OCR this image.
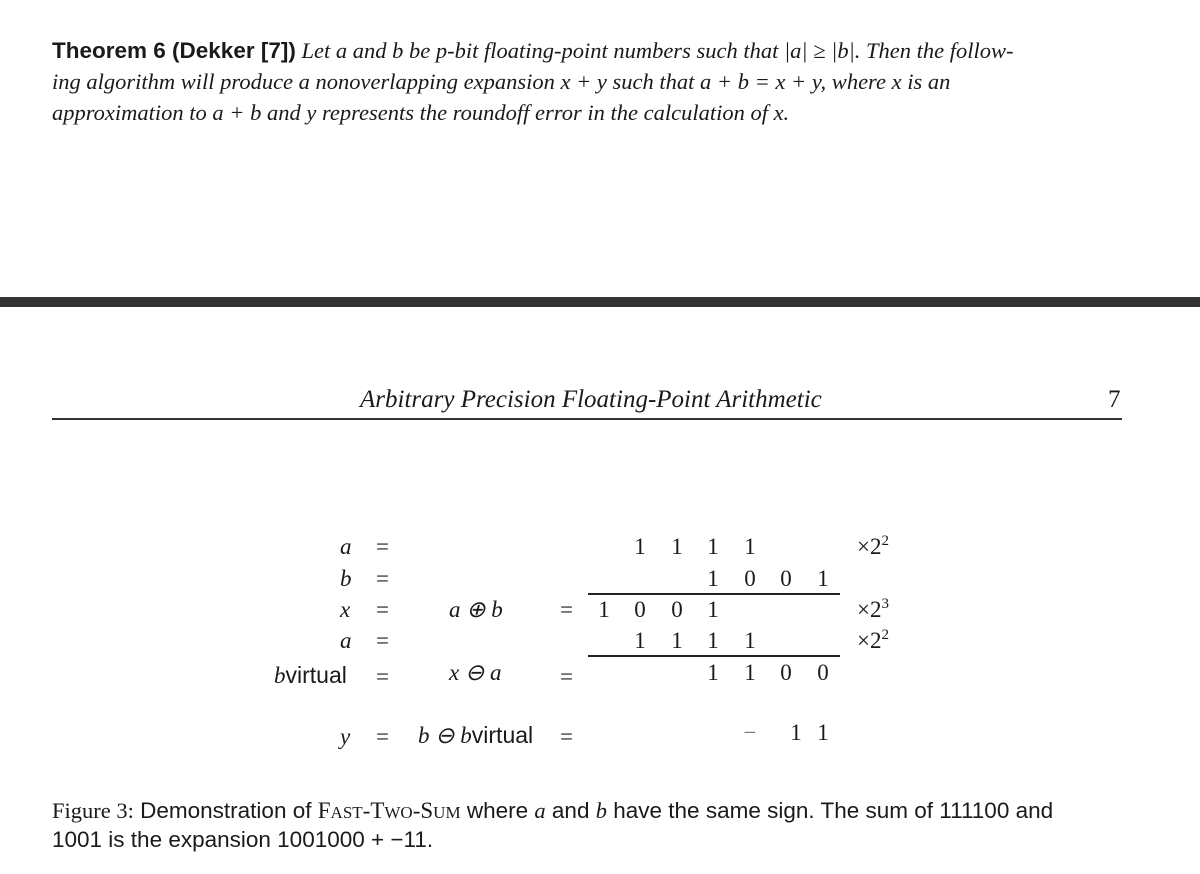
Theorem 6 (Dekker [7]) Let a and b be p-bit floating-point numbers such that |a| ≥ |b|. Then the follow-
ing algorithm will produce a nonoverlapping expansion x + y such that a + b = x + y, where x is an
approximation to a + b and y represents the roundoff error in the calculation of x.
Arbitrary Precision Floating-Point Arithmetic	7
a =	1 1 1 1	$\times 2^2$
b =	1 0 0 1
x =	a ⊕ b = 1 0 0 1	$\times 2^3$
a =	1 1 1 1	$\times 2^2$
bvirtual =	x ⊖ a	=	1 1 0 0
y = b ⊖ bvirtual =	− 1 1
Figure 3: Demonstration of FAST-TWO-SUM where a and b have the same sign. The sum of 111100 and
1001 is the expansion 1001000 + −11.
